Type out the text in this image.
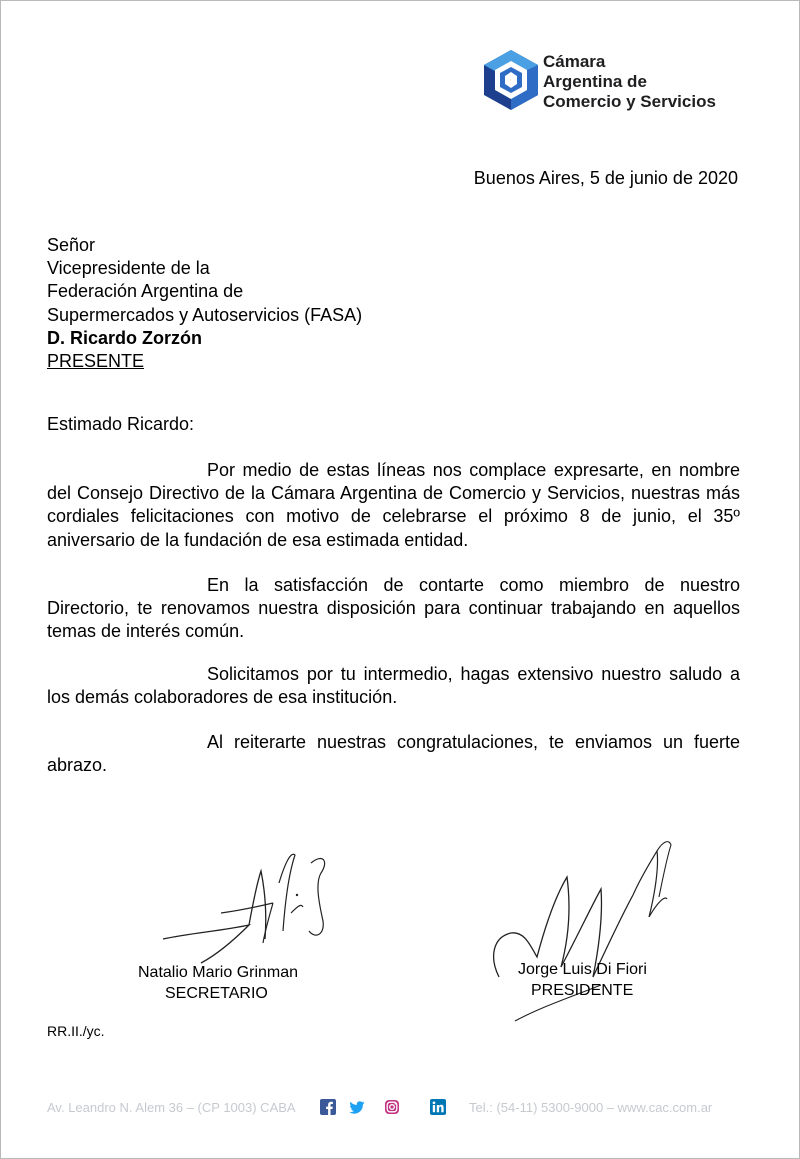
Cámara
Argentina de
Comercio y Servicios
Buenos Aires, 5 de junio de 2020
Señor
Vicepresidente de la
Federación Argentina de
Supermercados y Autoservicios (FASA)
D. Ricardo Zorzón
PRESENTE
Estimado Ricardo:

Por medio de estas líneas nos complace expresarte, en nombre del Consejo Directivo de la Cámara Argentina de Comercio y Servicios, nuestras más cordiales felicitaciones con motivo de celebrarse el próximo 8 de junio, el 35º aniversario de la fundación de esa estimada entidad.

En la satisfacción de contarte como miembro de nuestro Directorio, te renovamos nuestra disposición para continuar trabajando en aquellos temas de interés común.

Solicitamos por tu intermedio, hagas extensivo nuestro saludo a los demás colaboradores de esa institución.

Al reiterarte nuestras congratulaciones, te enviamos un fuerte abrazo.

Natalio Mario Grinman
SECRETARIO
Jorge Luis Di Fiori
PRESIDENTE
RR.II./yc.
Av. Leandro N. Alem 36 – (CP 1003) CABA	Tel.: (54-11) 5300-9000 – www.cac.com.ar
